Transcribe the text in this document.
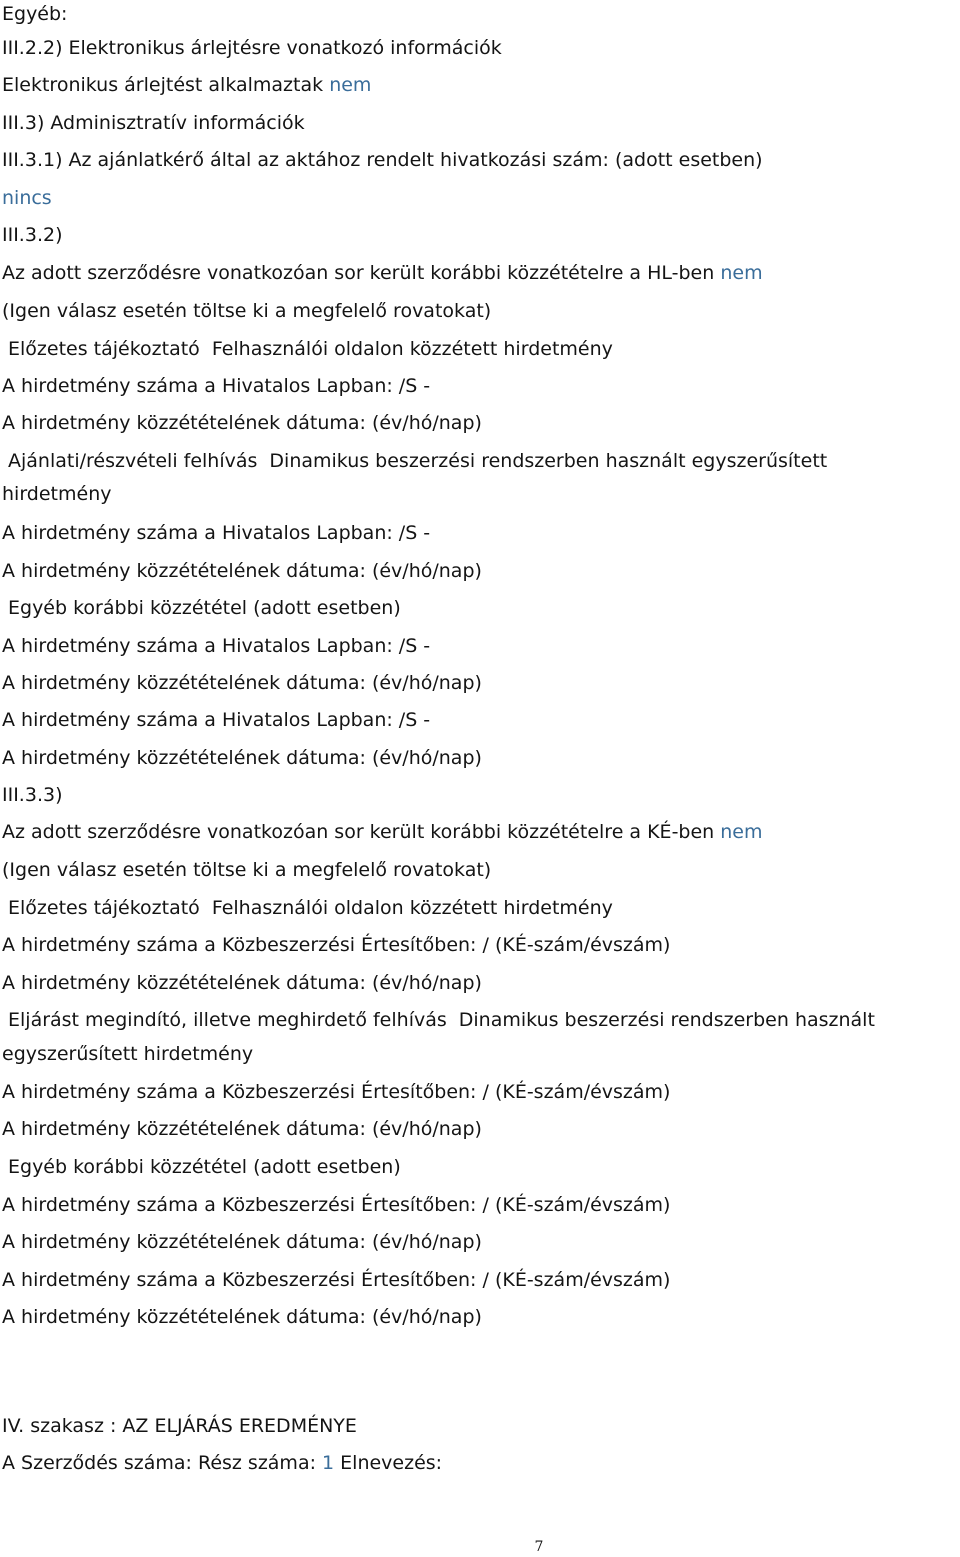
Egyéb:
III.2.2) Elektronikus árlejtésre vonatkozó információk
Elektronikus árlejtést alkalmaztak nem
III.3) Adminisztratív információk
III.3.1) Az ajánlatkérő által az aktához rendelt hivatkozási szám: (adott esetben)
nincs
III.3.2)
Az adott szerződésre vonatkozóan sor került korábbi közzétételre a HL-ben nem
(Igen válasz esetén töltse ki a megfelelő rovatokat)
Előzetes tájékoztató Felhasználói oldalon közzétett hirdetmény
A hirdetmény száma a Hivatalos Lapban: /S -
A hirdetmény közzétételének dátuma: (év/hó/nap)
Ajánlati/részvételi felhívás Dinamikus beszerzési rendszerben használt egyszerűsített
hirdetmény
A hirdetmény száma a Hivatalos Lapban: /S -
A hirdetmény közzétételének dátuma: (év/hó/nap)
Egyéb korábbi közzététel (adott esetben)
A hirdetmény száma a Hivatalos Lapban: /S -
A hirdetmény közzétételének dátuma: (év/hó/nap)
A hirdetmény száma a Hivatalos Lapban: /S -
A hirdetmény közzétételének dátuma: (év/hó/nap)
III.3.3)
Az adott szerződésre vonatkozóan sor került korábbi közzétételre a KÉ-ben nem
(Igen válasz esetén töltse ki a megfelelő rovatokat)
Előzetes tájékoztató Felhasználói oldalon közzétett hirdetmény
A hirdetmény száma a Közbeszerzési Értesítőben: / (KÉ-szám/évszám)
A hirdetmény közzétételének dátuma: (év/hó/nap)
Eljárást megindító, illetve meghirdető felhívás Dinamikus beszerzési rendszerben használt
egyszerűsített hirdetmény
A hirdetmény száma a Közbeszerzési Értesítőben: / (KÉ-szám/évszám)
A hirdetmény közzétételének dátuma: (év/hó/nap)
Egyéb korábbi közzététel (adott esetben)
A hirdetmény száma a Közbeszerzési Értesítőben: / (KÉ-szám/évszám)
A hirdetmény közzétételének dátuma: (év/hó/nap)
A hirdetmény száma a Közbeszerzési Értesítőben: / (KÉ-szám/évszám)
A hirdetmény közzétételének dátuma: (év/hó/nap)
IV. szakasz : AZ ELJÁRÁS EREDMÉNYE
A Szerződés száma: Rész száma: 1 Elnevezés:
7
